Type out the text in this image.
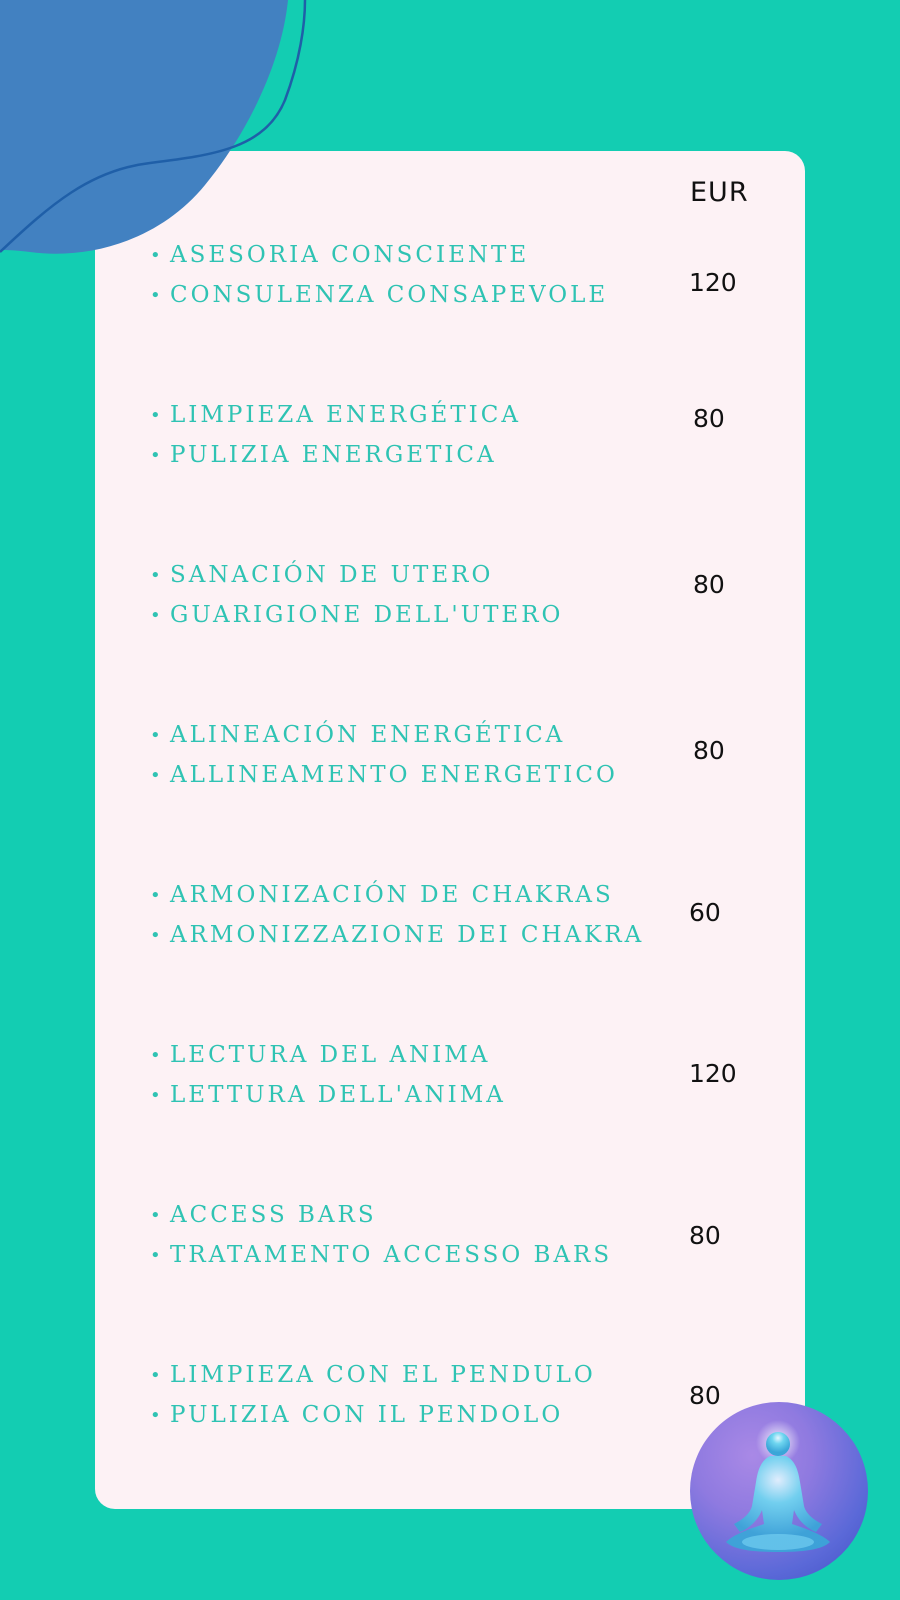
EUR
• ASESORIA CONSCIENTE
• CONSULENZA CONSAPEVOLE	120
• LIMPIEZA ENERGÉTICA
• PULIZIA ENERGETICA
80
• SANACIÓN DE UTERO
• GUARIGIONE DELL'UTERO
80
• ALINEACIÓN ENERGÉTICA
• ALLINEAMENTO ENERGETICO
80
• ARMONIZACIÓN DE CHAKRAS
• ARMONIZZAZIONE DEI CHAKRA
60
• LECTURA DEL ANIMA
• LETTURA DELL'ANIMA
120
• ACCESS BARS
• TRATAMENTO ACCESSO BARS
80
• LIMPIEZA CON EL PENDULO
• PULIZIA CON IL PENDOLO
80
